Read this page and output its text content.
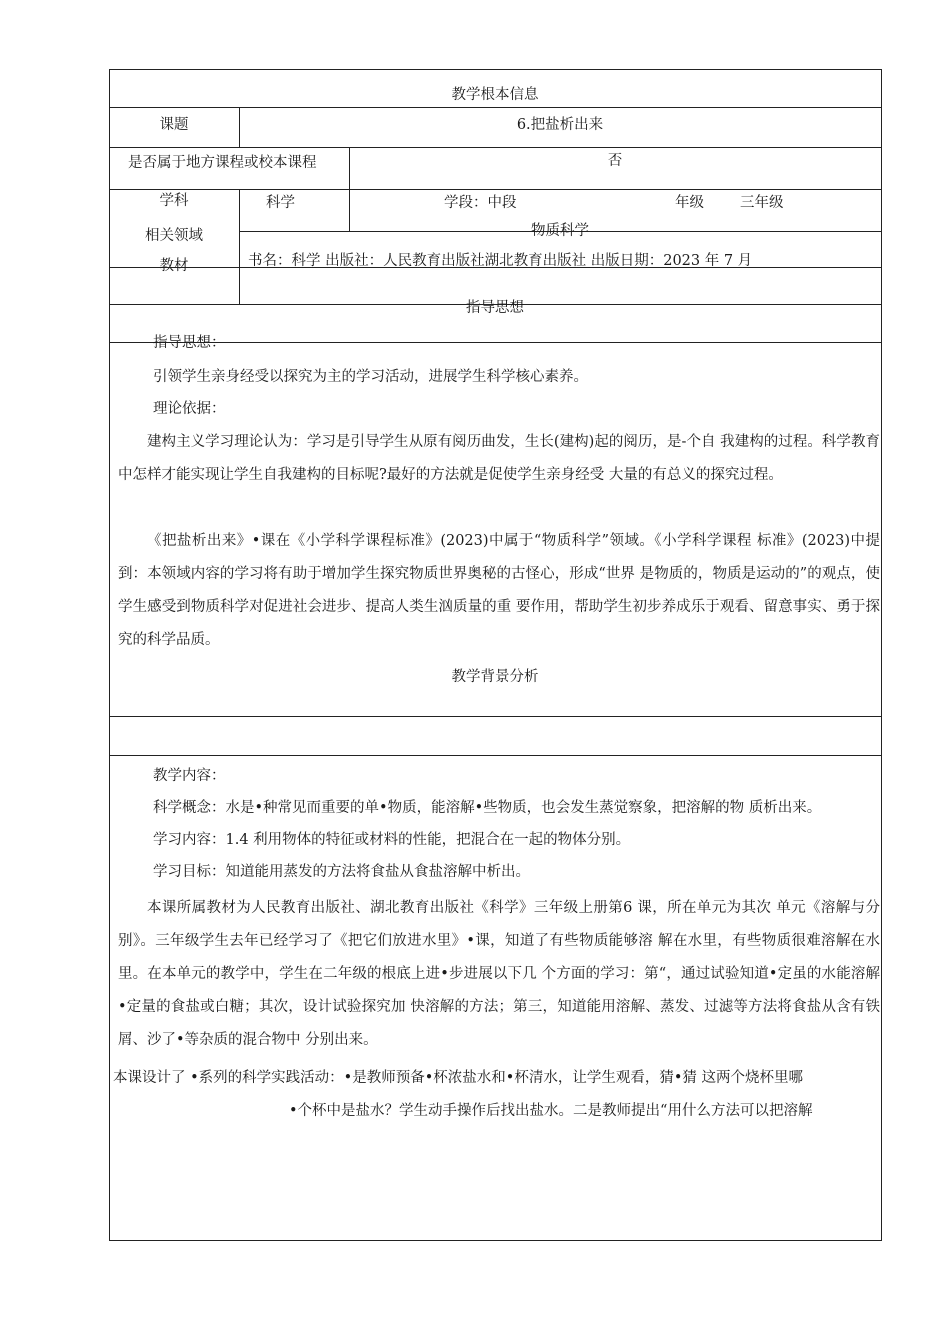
教学根本信息
课题	6.把盐析出来
是否属于地方课程或校本课程	否
学科	科学	学段：中段	年级 三年级
相关领域	物质科学
教材	书名：科学 出版社：人民教育出版社湖北教育出版社 出版日期：2023 年 7 月
指导思想
指导思想：
引领学生亲身经受以探究为主的学习活动，进展学生科学核心素养。
理论依据：
建构主义学习理论认为：学习是引导学生从原有阅历曲发，生长(建构)起的阅历，是-个自 我建构的过程。科学教育中怎样才能实现让学生自我建构的目标呢?最好的方法就是促使学生亲身经受 大量的有总义的探究过程。
《把盐析出来》•课在《小学科学课程标准》(2023)中属于“物质科学”领域。《小学科学课程 标准》(2023)中提到：本领域内容的学习将有助于增加学生探究物质世界奥秘的古怪心，形成“世界 是物质的，物质是运动的”的观点，使学生感受到物质科学对促进社会进步、提高人类生汹质量的重 要作用，帮助学生初步养成乐于观看、留意事实、勇于探究的科学品质。
教学背景分析
教学内容：
科学概念：水是•种常见而重要的单•物质，能溶解•些物质，也会发生蒸觉察象，把溶解的物 质析出来。
学习内容：1.4 利用物体的特征或材料的性能，把混合在一起的物体分别。
学习目标：知道能用蒸发的方法将食盐从食盐溶解中析出。
本课所属教材为人民教育出版社、湖北教育出版社《科学》三年级上册第6 课，所在单元为其次 单元《溶解与分别》。三年级学生去年已经学习了《把它们放进水里》•课，知道了有些物质能够溶 解在水里，有些物质很难溶解在水里。在本单元的教学中，学生在二年级的根底上进•步进展以下几 个方面的学习：第“，通过试验知道•定虽的水能溶解•定量的食盐或白糖；其次，设计试验探究加 快溶解的方法；第三，知道能用溶解、蒸发、过滤等方法将食盐从含有铁屑、沙了•等杂质的混合物中 分别出来。
本课设计了 •系列的科学实践活动：•是教师预备•杯浓盐水和•杯清水，让学生观看，猜•猜 这两个烧杯里哪
•个杯中是盐水？学生动手操作后找出盐水。二是教师提出“用什么方法可以把溶解
